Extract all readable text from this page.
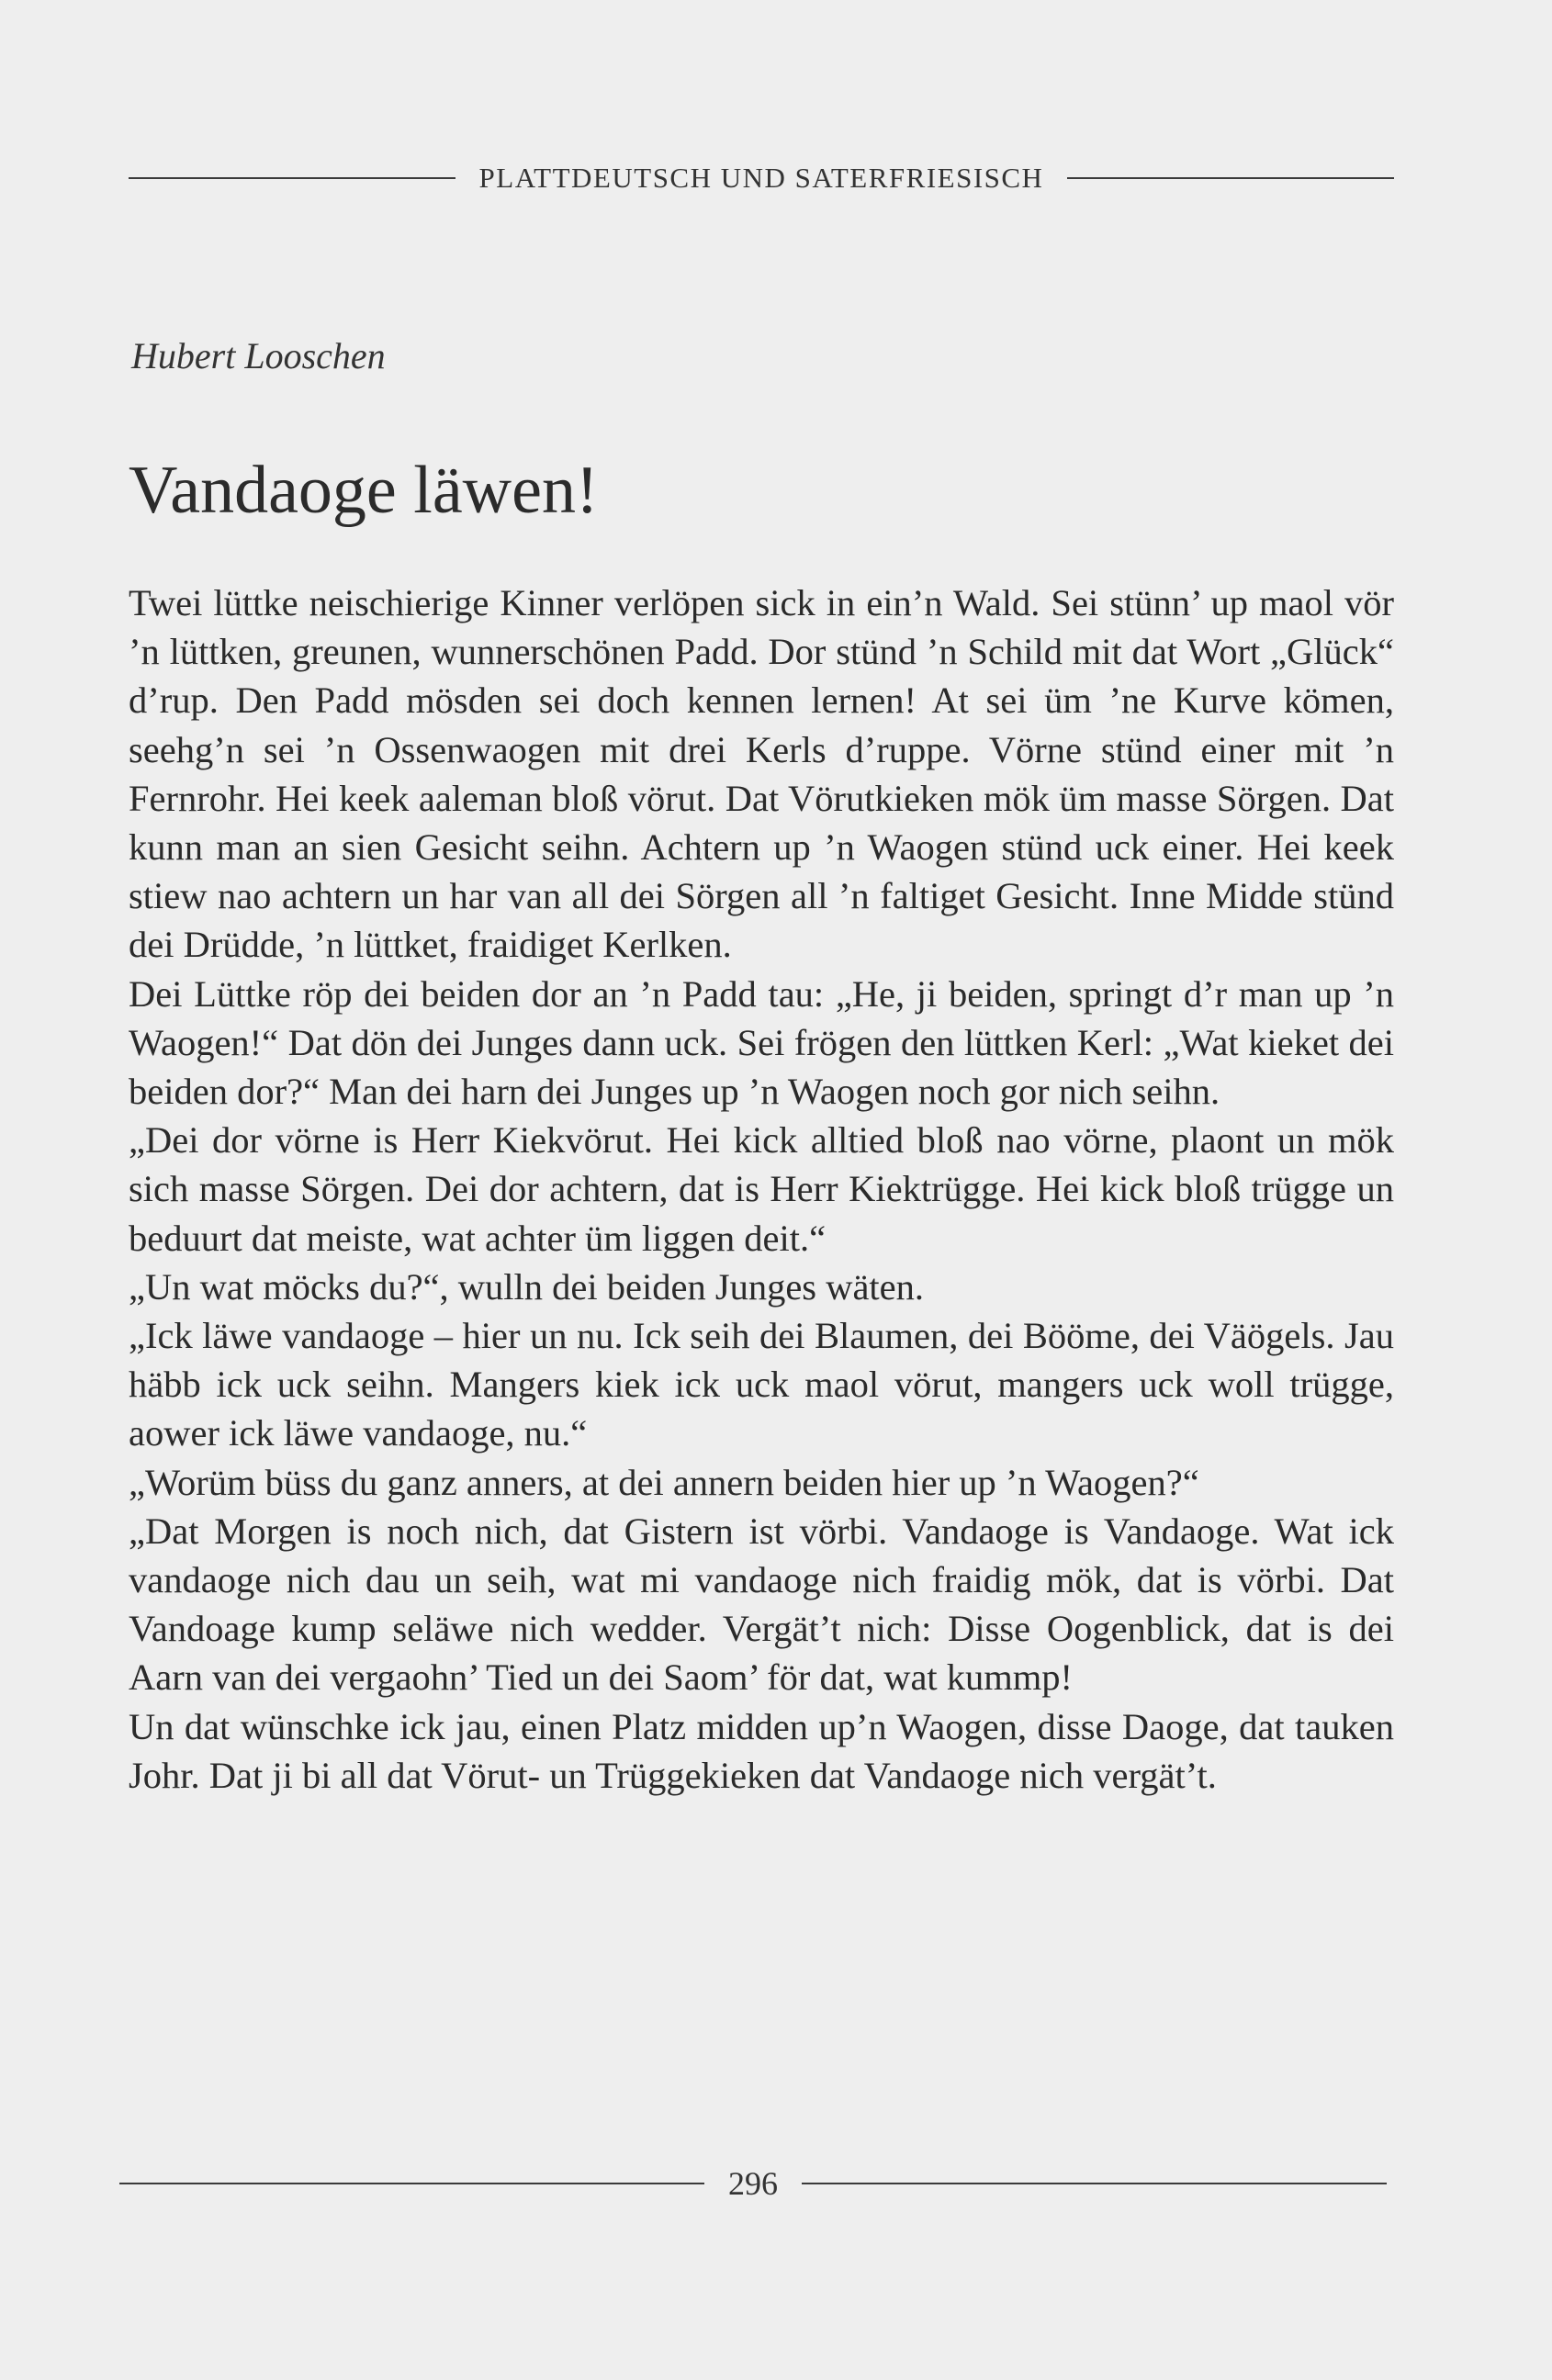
PLATTDEUTSCH UND SATERFRIESISCH
Hubert Looschen
Vandaoge läwen!

Twei lüttke neischierige Kinner verlöpen sick in ein’n Wald. Sei stünn’ up maol vör ’n lüttken, greunen, wunnerschönen Padd. Dor stünd ’n Schild mit dat Wort „Glück“ d’rup. Den Padd mösden sei doch kennen lernen! At sei üm ’ne Kurve kömen, seehg’n sei ’n Ossenwaogen mit drei Kerls d’ruppe. Vörne stünd einer mit ’n Fernrohr. Hei keek aaleman bloß vörut. Dat Vörutkieken mök üm masse Sörgen. Dat kunn man an sien Gesicht seihn. Achtern up ’n Waogen stünd uck einer. Hei keek stiew nao achtern un har van all dei Sörgen all ’n faltiget Gesicht. Inne Midde stünd dei Drüdde, ’n lüttket, fraidiget Kerlken.

Dei Lüttke röp dei beiden dor an ’n Padd tau: „He, ji beiden, springt d’r man up ’n Waogen!“ Dat dön dei Junges dann uck. Sei frögen den lüttken Kerl: „Wat kieket dei beiden dor?“ Man dei harn dei Junges up ’n Waogen noch gor nich seihn.

„Dei dor vörne is Herr Kiekvörut. Hei kick alltied bloß nao vörne, plaont un mök sich masse Sörgen. Dei dor achtern, dat is Herr Kiektrügge. Hei kick bloß trügge un beduurt dat meiste, wat achter üm liggen deit.“

„Un wat möcks du?“, wulln dei beiden Junges wäten.

„Ick läwe vandaoge – hier un nu. Ick seih dei Blaumen, dei Bööme, dei Väögels. Jau häbb ick uck seihn. Mangers kiek ick uck maol vörut, mangers uck woll trügge, aower ick läwe vandaoge, nu.“

„Worüm büss du ganz anners, at dei annern beiden hier up ’n Waogen?“

„Dat Morgen is noch nich, dat Gistern ist vörbi. Vandaoge is Vandaoge. Wat ick vandaoge nich dau un seih, wat mi vandaoge nich fraidig mök, dat is vörbi. Dat Vandoage kump seläwe nich wedder. Vergät’t nich: Disse Oogenblick, dat is dei Aarn van dei vergaohn’ Tied un dei Saom’ för dat, wat kummp!

Un dat wünschke ick jau, einen Platz midden up’n Waogen, disse Daoge, dat tauken Johr. Dat ji bi all dat Vörut- un Trüggekieken dat Vandaoge nich vergät’t.

296
